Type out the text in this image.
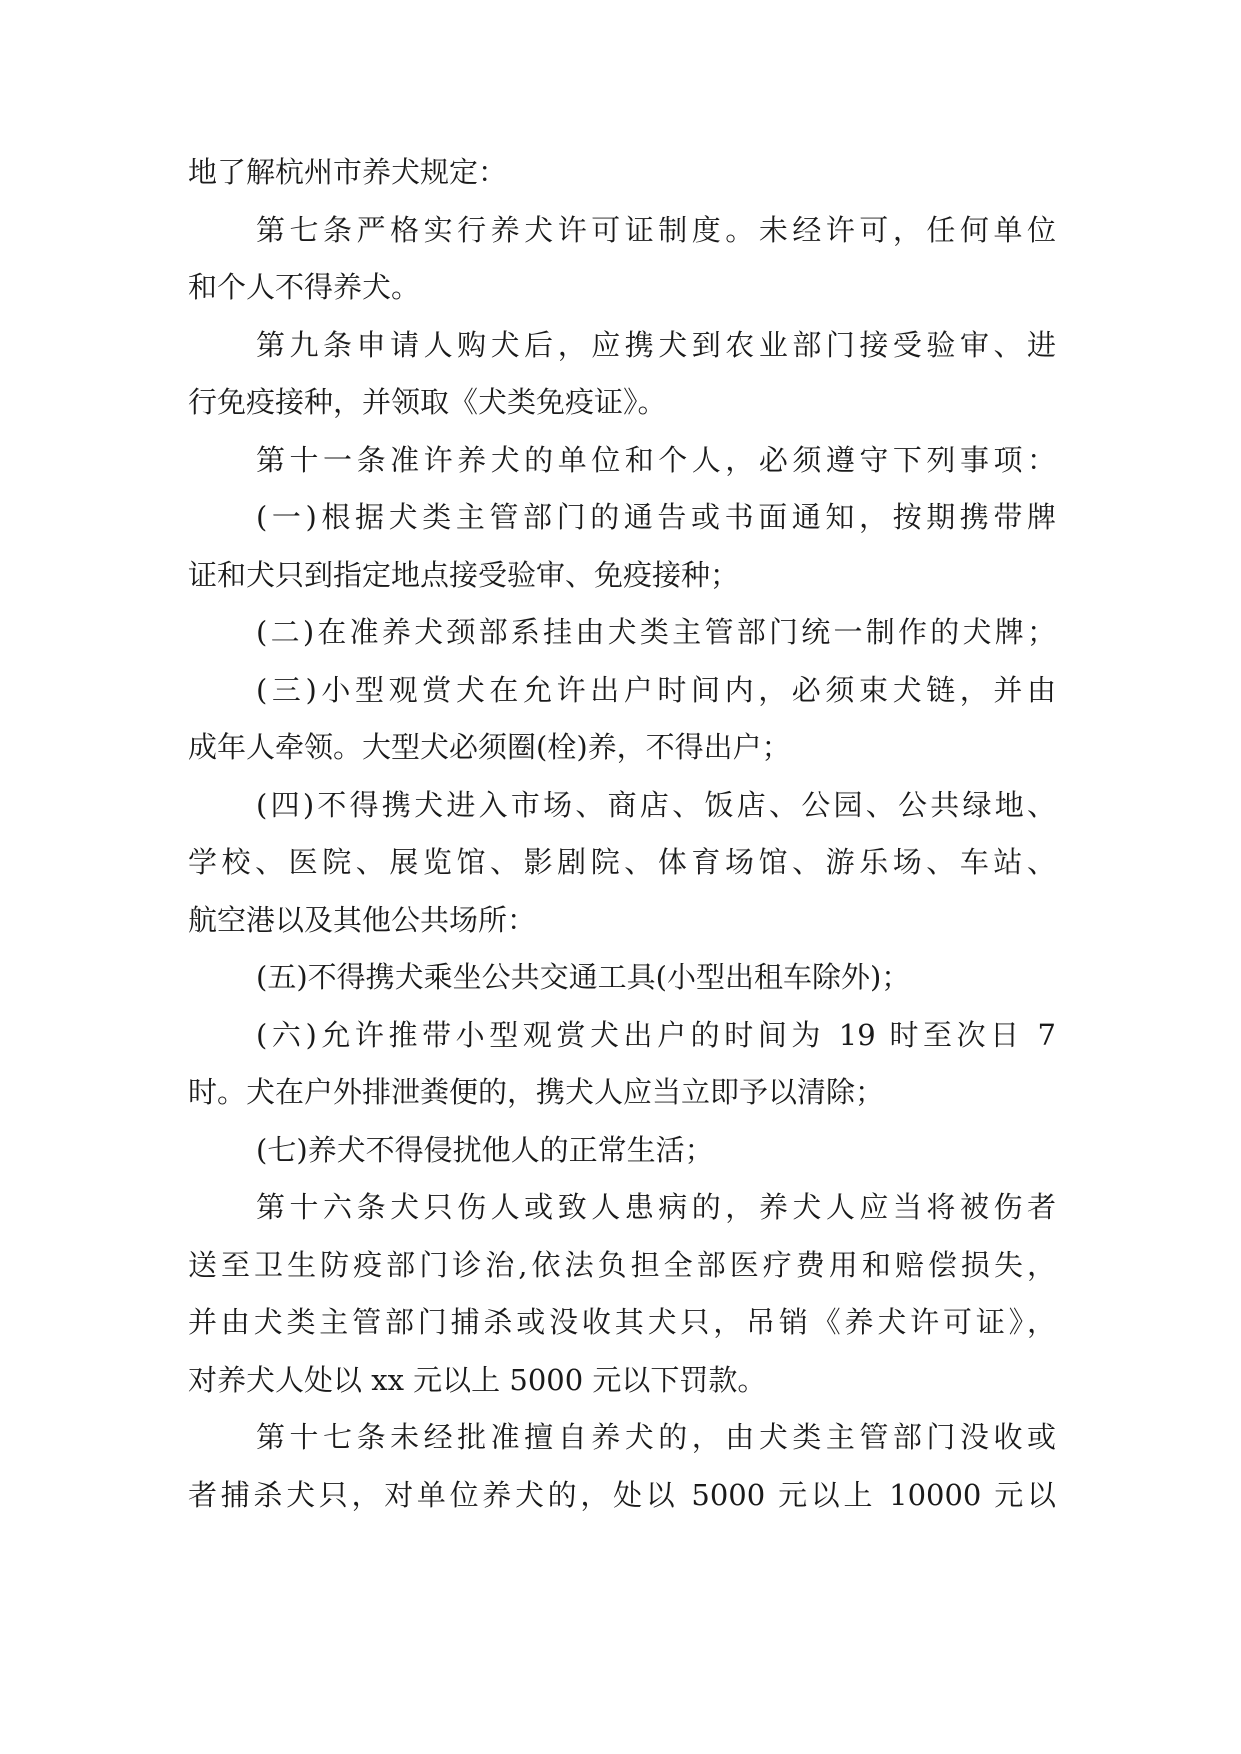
地了解杭州市养犬规定：
第七条严格实行养犬许可证制度。未经许可，任何单位
和个人不得养犬。
第九条申请人购犬后，应携犬到农业部门接受验审、进
行免疫接种，并领取《犬类免疫证》。
第十一条准许养犬的单位和个人，必须遵守下列事项：
(一)根据犬类主管部门的通告或书面通知，按期携带牌
证和犬只到指定地点接受验审、免疫接种；
(二)在准养犬颈部系挂由犬类主管部门统一制作的犬牌；
(三)小型观赏犬在允许出户时间内，必须束犬链，并由
成年人牵领。大型犬必须圈(栓)养，不得出户；
(四)不得携犬进入市场、商店、饭店、公园、公共绿地、
学校、医院、展览馆、影剧院、体育场馆、游乐场、车站、
航空港以及其他公共场所：
(五)不得携犬乘坐公共交通工具(小型出租车除外)；
(六)允许推带小型观赏犬出户的时间为 19 时至次日 7
时。犬在户外排泄粪便的，携犬人应当立即予以清除；
(七)养犬不得侵扰他人的正常生活；
第十六条犬只伤人或致人患病的，养犬人应当将被伤者
送至卫生防疫部门诊治,依法负担全部医疗费用和赔偿损失，
并由犬类主管部门捕杀或没收其犬只，吊销《养犬许可证》，
对养犬人处以 xx 元以上 5000 元以下罚款。
第十七条未经批准擅自养犬的，由犬类主管部门没收或
者捕杀犬只，对单位养犬的，处以 5000 元以上 10000 元以
